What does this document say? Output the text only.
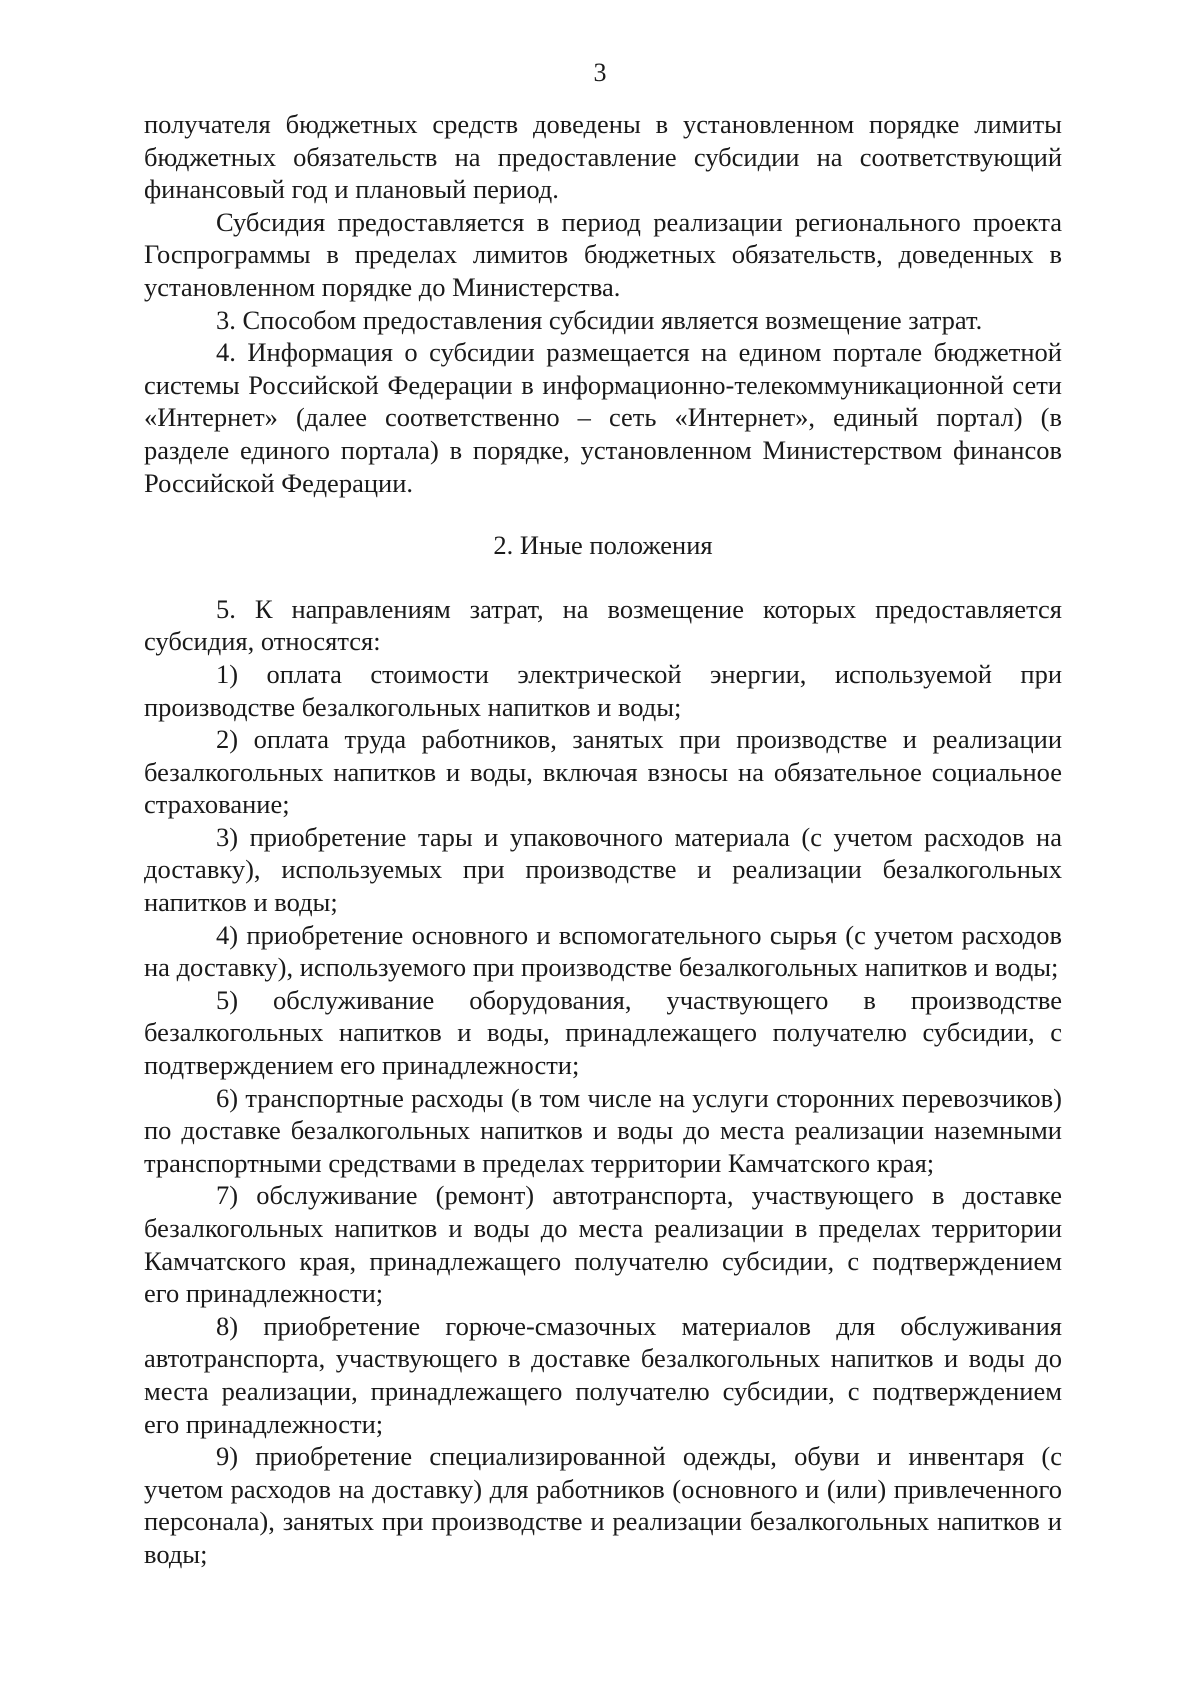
3

получателя бюджетных средств доведены в установленном порядке лимиты бюджетных обязательств на предоставление субсидии на соответствующий финансовый год и плановый период.

Субсидия предоставляется в период реализации регионального проекта Госпрограммы в пределах лимитов бюджетных обязательств, доведенных в установленном порядке до Министерства.

3. Способом предоставления субсидии является возмещение затрат.

4. Информация о субсидии размещается на едином портале бюджетной системы Российской Федерации в информационно-телекоммуникационной сети «Интернет» (далее соответственно – сеть «Интернет», единый портал) (в разделе единого портала) в порядке, установленном Министерством финансов Российской Федерации.

2. Иные положения

5. К направлениям затрат, на возмещение которых предоставляется субсидия, относятся:

1) оплата стоимости электрической энергии, используемой при производстве безалкогольных напитков и воды;

2) оплата труда работников, занятых при производстве и реализации безалкогольных напитков и воды, включая взносы на обязательное социальное страхование;

3) приобретение тары и упаковочного материала (с учетом расходов на доставку), используемых при производстве и реализации безалкогольных напитков и воды;

4) приобретение основного и вспомогательного сырья (с учетом расходов на доставку), используемого при производстве безалкогольных напитков и воды;

5) обслуживание оборудования, участвующего в производстве безалкогольных напитков и воды, принадлежащего получателю субсидии, с подтверждением его принадлежности;

6) транспортные расходы (в том числе на услуги сторонних перевозчиков) по доставке безалкогольных напитков и воды до места реализации наземными транспортными средствами в пределах территории Камчатского края;

7) обслуживание (ремонт) автотранспорта, участвующего в доставке безалкогольных напитков и воды до места реализации в пределах территории Камчатского края, принадлежащего получателю субсидии, с подтверждением его принадлежности;

8) приобретение горюче-смазочных материалов для обслуживания автотранспорта, участвующего в доставке безалкогольных напитков и воды до места реализации, принадлежащего получателю субсидии, с подтверждением его принадлежности;

9) приобретение специализированной одежды, обуви и инвентаря (с учетом расходов на доставку) для работников (основного и (или) привлеченного персонала), занятых при производстве и реализации безалкогольных напитков и воды;
